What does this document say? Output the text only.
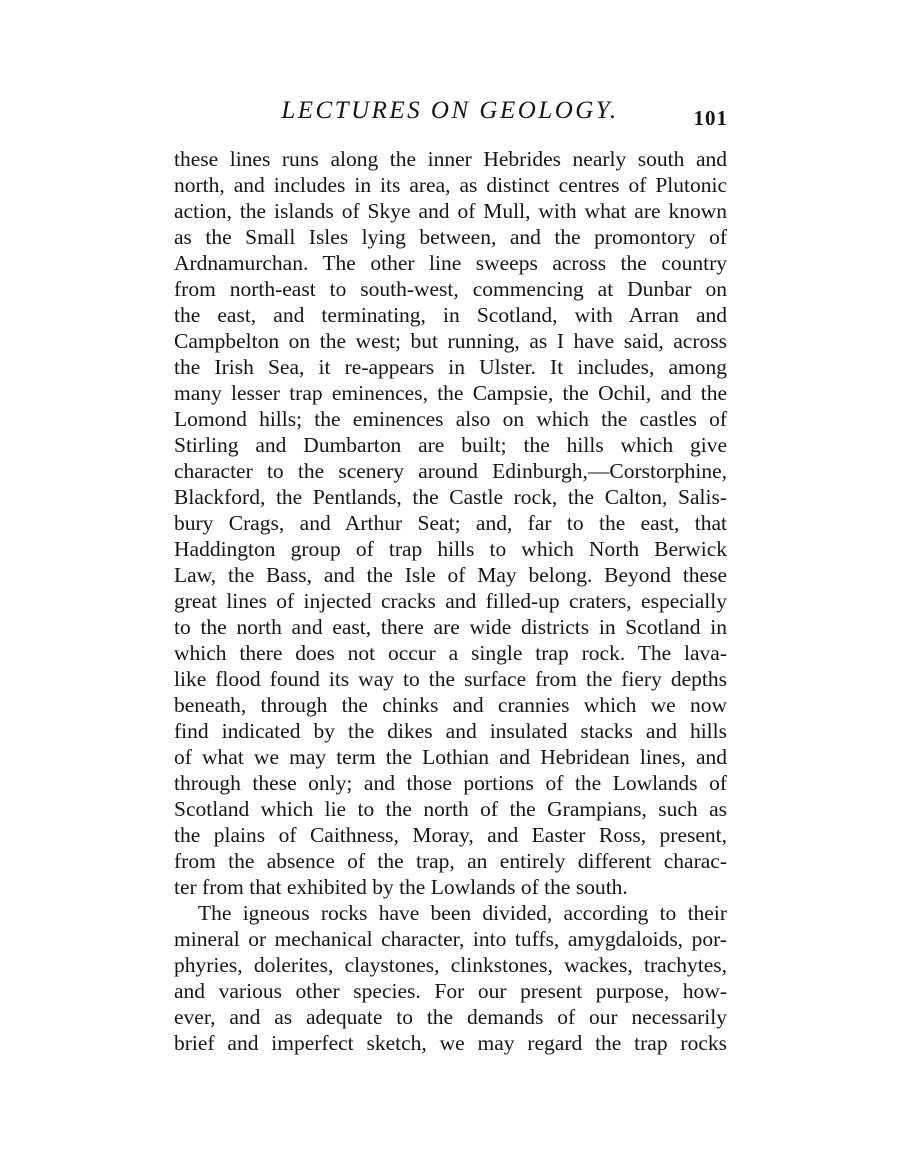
LECTURES ON GEOLOGY.	101
these lines runs along the inner Hebrides nearly south and
north, and includes in its area, as distinct centres of Plutonic
action, the islands of Skye and of Mull, with what are known
as the Small Isles lying between, and the promontory of
Ardnamurchan. The other line sweeps across the country
from north-east to south-west, commencing at Dunbar on
the east, and terminating, in Scotland, with Arran and
Campbelton on the west; but running, as I have said, across
the Irish Sea, it re-appears in Ulster. It includes, among
many lesser trap eminences, the Campsie, the Ochil, and the
Lomond hills; the eminences also on which the castles of
Stirling and Dumbarton are built; the hills which give
character to the scenery around Edinburgh,—Corstorphine,
Blackford, the Pentlands, the Castle rock, the Calton, Salis-
bury Crags, and Arthur Seat; and, far to the east, that
Haddington group of trap hills to which North Berwick
Law, the Bass, and the Isle of May belong. Beyond these
great lines of injected cracks and filled-up craters, especially
to the north and east, there are wide districts in Scotland in
which there does not occur a single trap rock. The lava-
like flood found its way to the surface from the fiery depths
beneath, through the chinks and crannies which we now
find indicated by the dikes and insulated stacks and hills
of what we may term the Lothian and Hebridean lines, and
through these only; and those portions of the Lowlands of
Scotland which lie to the north of the Grampians, such as
the plains of Caithness, Moray, and Easter Ross, present,
from the absence of the trap, an entirely different charac-
ter from that exhibited by the Lowlands of the south.
The igneous rocks have been divided, according to their
mineral or mechanical character, into tuffs, amygdaloids, por-
phyries, dolerites, claystones, clinkstones, wackes, trachytes,
and various other species. For our present purpose, how-
ever, and as adequate to the demands of our necessarily
brief and imperfect sketch, we may regard the trap rocks
